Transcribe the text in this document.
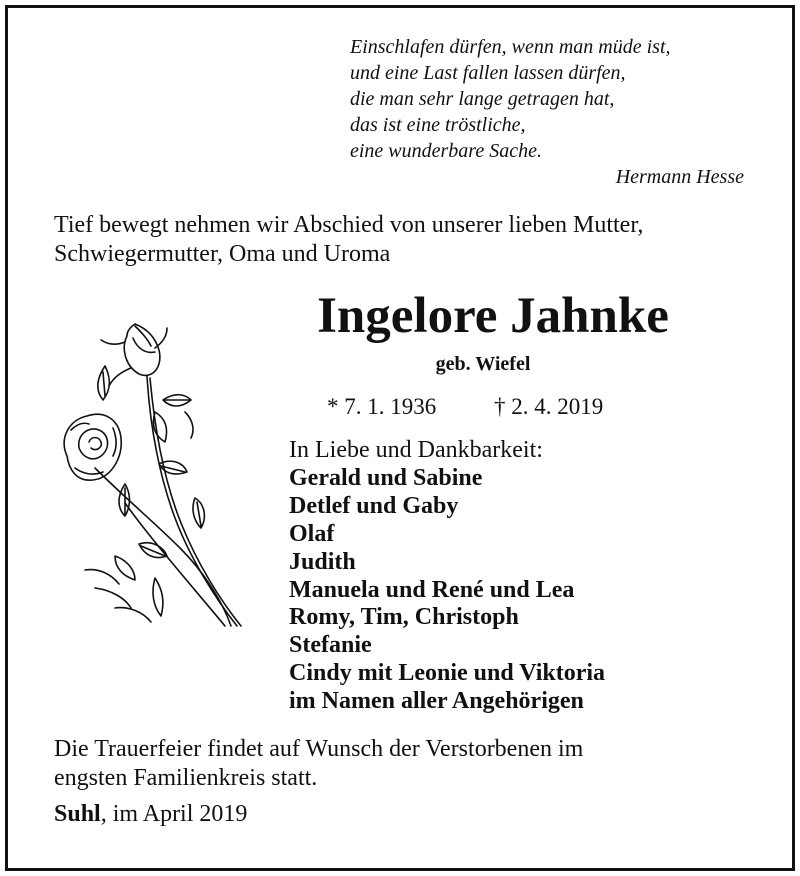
Einschlafen dürfen, wenn man müde ist,
und eine Last fallen lassen dürfen,
die man sehr lange getragen hat,
das ist eine tröstliche,
eine wunderbare Sache.
Hermann Hesse
Tief bewegt nehmen wir Abschied von unserer lieben Mutter,
Schwiegermutter, Oma und Uroma
Ingelore Jahnke
geb. Wiefel
* 7. 1. 1936	† 2. 4. 2019
In Liebe und Dankbarkeit:
Gerald und Sabine
Detlef und Gaby
Olaf
Judith
Manuela und René und Lea
Romy, Tim, Christoph
Stefanie
Cindy mit Leonie und Viktoria
im Namen aller Angehörigen
Die Trauerfeier findet auf Wunsch der Verstorbenen im
engsten Familienkreis statt.
Suhl, im April 2019
